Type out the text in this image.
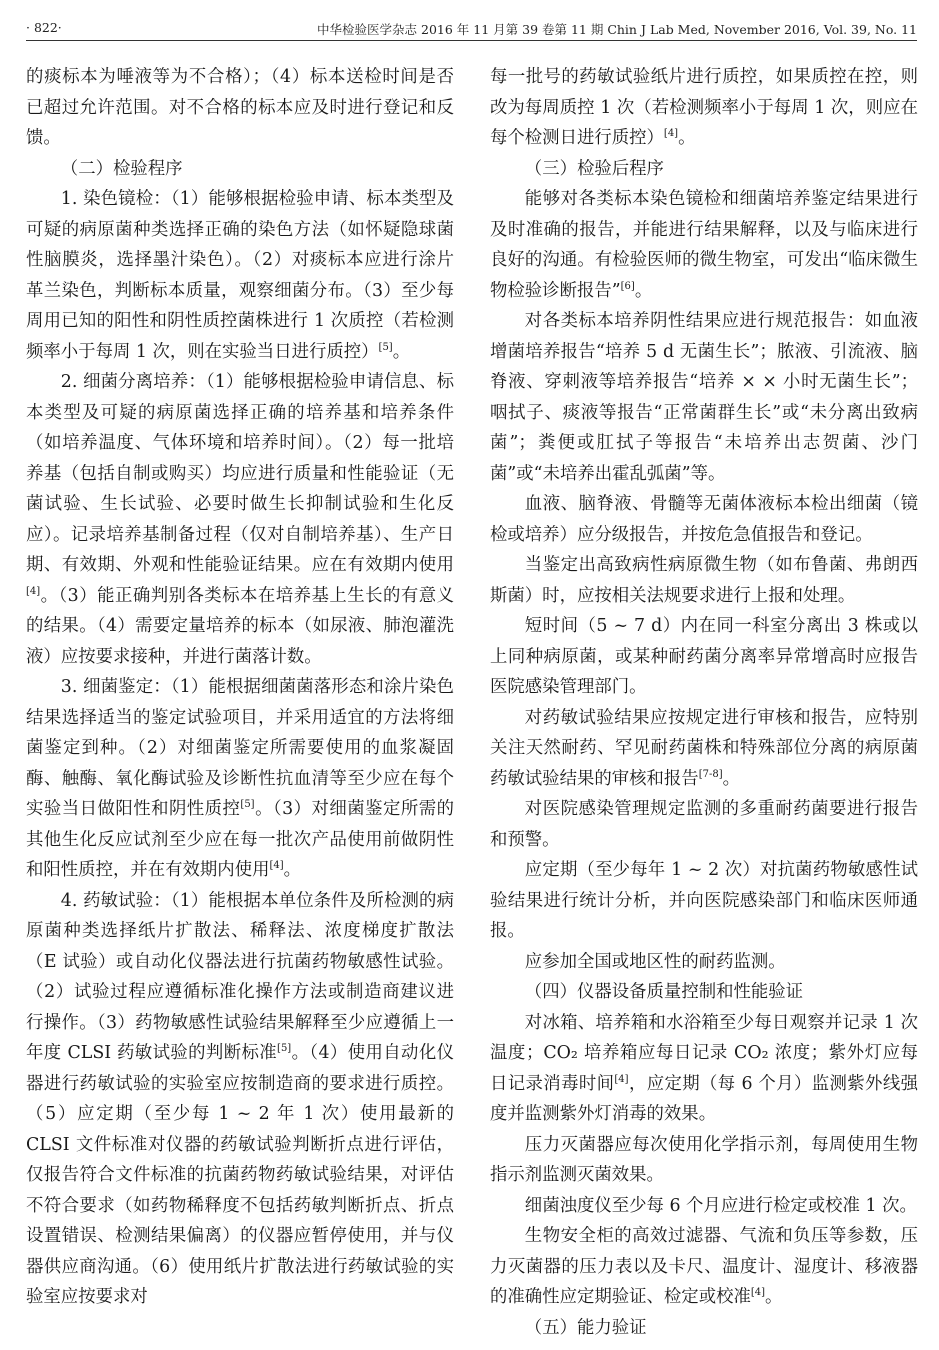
· 822·	中华检验医学杂志 2016 年 11 月第 39 卷第 11 期 Chin J Lab Med, November 2016, Vol. 39, No. 11

的痰标本为唾液等为不合格）；（4）标本送检时间是否已超过允许范围。对不合格的标本应及时进行登记和反馈。

（二）检验程序

1. 染色镜检：（1）能够根据检验申请、标本类型及可疑的病原菌种类选择正确的染色方法（如怀疑隐球菌性脑膜炎，选择墨汁染色）。（2）对痰标本应进行涂片革兰染色，判断标本质量，观察细菌分布。（3）至少每周用已知的阳性和阴性质控菌株进行 1 次质控（若检测频率小于每周 1 次，则在实验当日进行质控）[5]。

2. 细菌分离培养：（1）能够根据检验申请信息、标本类型及可疑的病原菌选择正确的培养基和培养条件（如培养温度、气体环境和培养时间）。（2）每一批培养基（包括自制或购买）均应进行质量和性能验证（无菌试验、生长试验、必要时做生长抑制试验和生化反应）。记录培养基制备过程（仅对自制培养基）、生产日期、有效期、外观和性能验证结果。应在有效期内使用[4]。（3）能正确判别各类标本在培养基上生长的有意义的结果。（4）需要定量培养的标本（如尿液、肺泡灌洗液）应按要求接种，并进行菌落计数。

3. 细菌鉴定：（1）能根据细菌菌落形态和涂片染色结果选择适当的鉴定试验项目，并采用适宜的方法将细菌鉴定到种。（2）对细菌鉴定所需要使用的血浆凝固酶、触酶、氧化酶试验及诊断性抗血清等至少应在每个实验当日做阳性和阴性质控[5]。（3）对细菌鉴定所需的其他生化反应试剂至少应在每一批次产品使用前做阴性和阳性质控，并在有效期内使用[4]。

4. 药敏试验：（1）能根据本单位条件及所检测的病原菌种类选择纸片扩散法、稀释法、浓度梯度扩散法（E 试验）或自动化仪器法进行抗菌药物敏感性试验。（2）试验过程应遵循标准化操作方法或制造商建议进行操作。（3）药物敏感性试验结果解释至少应遵循上一年度 CLSI 药敏试验的判断标准[5]。（4）使用自动化仪器进行药敏试验的实验室应按制造商的要求进行质控。（5）应定期（至少每 1 ~ 2 年 1 次）使用最新的 CLSI 文件标准对仪器的药敏试验判断折点进行评估，仅报告符合文件标准的抗菌药物药敏试验结果，对评估不符合要求（如药物稀释度不包括药敏判断折点、折点设置错误、检测结果偏离）的仪器应暂停使用，并与仪器供应商沟通。（6）使用纸片扩散法进行药敏试验的实验室应按要求对

每一批号的药敏试验纸片进行质控，如果质控在控，则改为每周质控 1 次（若检测频率小于每周 1 次，则应在每个检测日进行质控）[4]。

（三）检验后程序

能够对各类标本染色镜检和细菌培养鉴定结果进行及时准确的报告，并能进行结果解释，以及与临床进行良好的沟通。有检验医师的微生物室，可发出“临床微生物检验诊断报告”[6]。

对各类标本培养阴性结果应进行规范报告：如血液增菌培养报告“培养 5 d 无菌生长”；脓液、引流液、脑脊液、穿刺液等培养报告“培养 × × 小时无菌生长”；咽拭子、痰液等报告“正常菌群生长”或“未分离出致病菌”；粪便或肛拭子等报告“未培养出志贺菌、沙门菌”或“未培养出霍乱弧菌”等。

血液、脑脊液、骨髓等无菌体液标本检出细菌（镜检或培养）应分级报告，并按危急值报告和登记。

当鉴定出高致病性病原微生物（如布鲁菌、弗朗西斯菌）时，应按相关法规要求进行上报和处理。

短时间（5 ~ 7 d）内在同一科室分离出 3 株或以上同种病原菌，或某种耐药菌分离率异常增高时应报告医院感染管理部门。

对药敏试验结果应按规定进行审核和报告，应特别关注天然耐药、罕见耐药菌株和特殊部位分离的病原菌药敏试验结果的审核和报告[7-8]。

对医院感染管理规定监测的多重耐药菌要进行报告和预警。

应定期（至少每年 1 ~ 2 次）对抗菌药物敏感性试验结果进行统计分析，并向医院感染部门和临床医师通报。

应参加全国或地区性的耐药监测。

（四）仪器设备质量控制和性能验证

对冰箱、培养箱和水浴箱至少每日观察并记录 1 次温度；CO₂ 培养箱应每日记录 CO₂ 浓度；紫外灯应每日记录消毒时间[4]，应定期（每 6 个月）监测紫外线强度并监测紫外灯消毒的效果。

压力灭菌器应每次使用化学指示剂，每周使用生物指示剂监测灭菌效果。

细菌浊度仪至少每 6 个月应进行检定或校准 1 次。

生物安全柜的高效过滤器、气流和负压等参数，压力灭菌器的压力表以及卡尺、温度计、湿度计、移液器的准确性应定期验证、检定或校准[4]。

（五）能力验证
